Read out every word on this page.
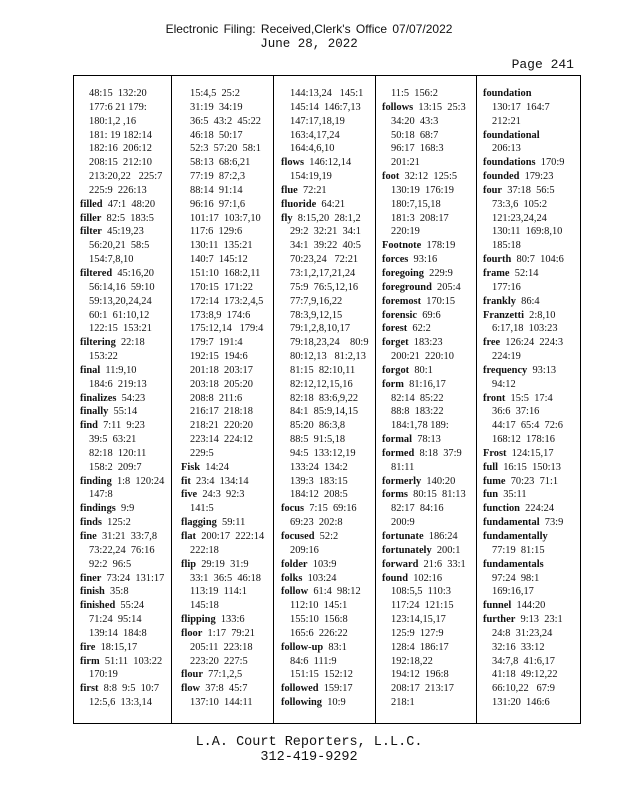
Electronic Filing: Received,Clerk's Office 07/07/2022
June 28, 2022
Page 241
48:15  132:20
177:6 21 179:
180:1,2 ,16
181: 19 182:14
182:16  206:12
208:15  212:10
213:20,22   225:7
225:9  226:13
filled  47:1  48:20
filler  82:5  183:5
filter  45:19,23
56:20,21  58:5
154:7,8,10
filtered  45:16,20
56:14,16  59:10
59:13,20,24,24
60:1  61:10,12
122:15  153:21
filtering  22:18
153:22
final  11:9,10
184:6  219:13
finalizes  54:23
finally  55:14
find  7:11  9:23
39:5  63:21
82:18  120:11
158:2  209:7
finding  1:8  120:24
147:8
findings  9:9
finds  125:2
fine  31:21  33:7,8
73:22,24  76:16
92:2  96:5
finer  73:24  131:17
finish  35:8
finished  55:24
71:24  95:14
139:14  184:8
fire  18:15,17
firm  51:11  103:22
170:19
first  8:8  9:5  10:7
12:5,6  13:3,14
15:4,5  25:2
31:19  34:19
36:5  43:2  45:22
46:18  50:17
52:3  57:20  58:1
58:13  68:6,21
77:19  87:2,3
88:14  91:14
96:16  97:1,6
101:17  103:7,10
117:6  129:6
130:11  135:21
140:7  145:12
151:10  168:2,11
170:15  171:22
172:14  173:2,4,5
173:8,9  174:6
175:12,14   179:4
179:7  191:4
192:15  194:6
201:18  203:17
203:18  205:20
208:8  211:6
216:17  218:18
218:21  220:20
223:14  224:12
229:5
Fisk  14:24
fit  23:4  134:14
five  24:3  92:3
141:5
flagging  59:11
flat  200:17  222:14
222:18
flip  29:19  31:9
33:1  36:5  46:18
113:19  114:1
145:18
flipping  133:6
floor  1:17  79:21
205:11  223:18
223:20  227:5
flour  77:1,2,5
flow  37:8  45:7
137:10  144:11
144:13,24   145:1
145:14  146:7,13
147:17,18,19
163:4,17,24
164:4,6,10
flows  146:12,14
154:19,19
flue  72:21
fluoride  64:21
fly  8:15,20  28:1,2
29:2  32:21  34:1
34:1  39:22  40:5
70:23,24   72:21
73:1,2,17,21,24
75:9  76:5,12,16
77:7,9,16,22
78:3,9,12,15
79:1,2,8,10,17
79:18,23,24    80:9
80:12,13   81:2,13
81:15  82:10,11
82:12,12,15,16
82:18  83:6,9,22
84:1  85:9,14,15
85:20  86:3,8
88:5  91:5,18
94:5  133:12,19
133:24  134:2
139:3  183:15
184:12  208:5
focus  7:15  69:16
69:23  202:8
focused  52:2
209:16
folder  103:9
folks  103:24
follow  61:4  98:12
112:10  145:1
155:10  156:8
165:6  226:22
follow-up  83:1
84:6  111:9
151:15  152:12
followed  159:17
following  10:9
11:5  156:2
follows  13:15  25:3
34:20  43:3
50:18  68:7
96:17  168:3
201:21
foot  32:12  125:5
130:19  176:19
180:7,15,18
181:3  208:17
220:19
Footnote  178:19
forces  93:16
foregoing  229:9
foreground  205:4
foremost  170:15
forensic  69:6
forest  62:2
forget  183:23
200:21  220:10
forgot  80:1
form  81:16,17
82:14  85:22
88:8  183:22
184:1,78 189:
formal  78:13
formed  8:18  37:9
81:11
formerly  140:20
forms  80:15  81:13
82:17  84:16
200:9
fortunate  186:24
fortunately  200:1
forward  21:6  33:1
found  102:16
108:5,5  110:3
117:24  121:15
123:14,15,17
125:9  127:9
128:4  186:17
192:18,22
194:12  196:8
208:17  213:17
218:1
foundation
130:17  164:7
212:21
foundational
206:13
foundations  170:9
founded  179:23
four  37:18  56:5
73:3,6  105:2
121:23,24,24
130:11  169:8,10
185:18
fourth  80:7  104:6
frame  52:14
177:16
frankly  86:4
Franzetti  2:8,10
6:17,18  103:23
free  126:24  224:3
224:19
frequency  93:13
94:12
front  15:5  17:4
36:6  37:16
44:17  65:4  72:6
168:12  178:16
Frost  124:15,17
full  16:15  150:13
fume  70:23  71:1
fun  35:11
function  224:24
fundamental  73:9
fundamentally
77:19  81:15
fundamentals
97:24  98:1
169:16,17
funnel  144:20
further  9:13  23:1
24:8  31:23,24
32:16  33:12
34:7,8  41:6,17
41:18  49:12,22
66:10,22   67:9
131:20  146:6
L.A. Court Reporters, L.L.C.
312-419-9292
